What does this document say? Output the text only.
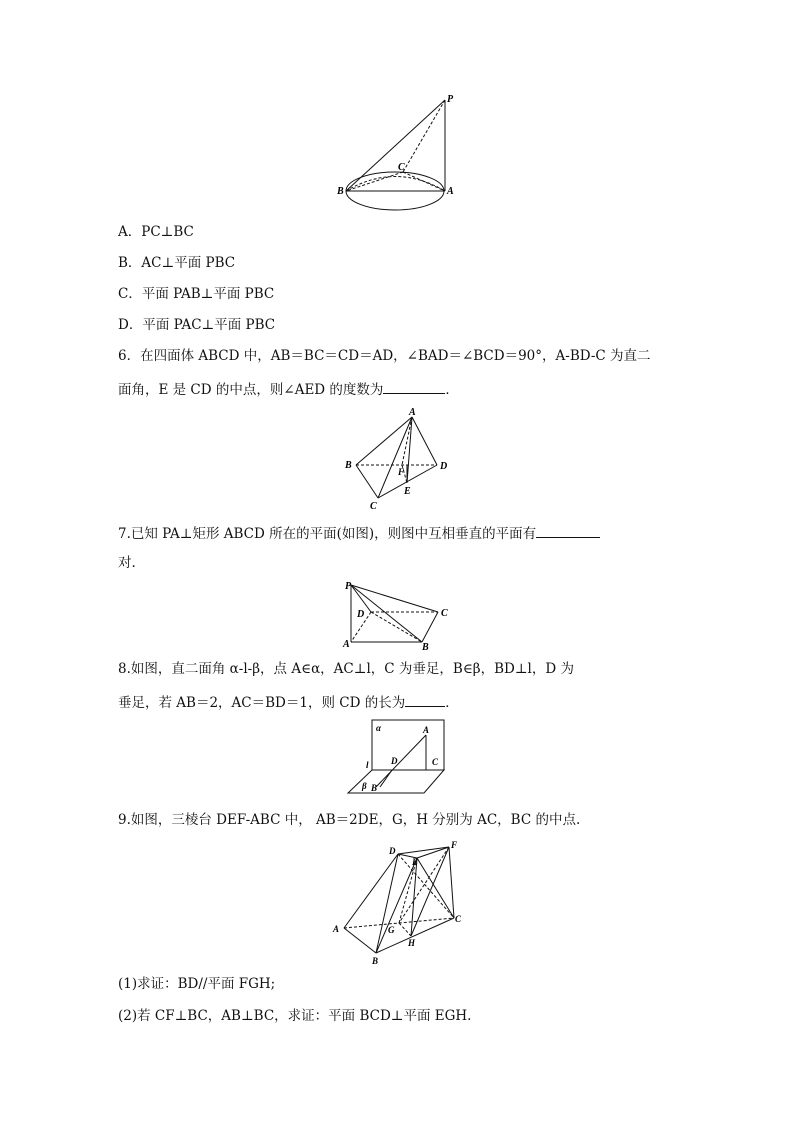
P
C
B	A
A．PC⊥BC
B．AC⊥平面 PBC
C．平面 PAB⊥平面 PBC
D．平面 PAC⊥平面 PBC
6．在四面体 ABCD 中，AB＝BC＝CD＝AD，∠BAD＝∠BCD＝90°，A-BD-C 为直二
面角，E 是 CD 的中点，则∠AED 的度数为	．
A
B
C
D
E
F
7.已知 PA⊥矩形 ABCD 所在的平面(如图)，则图中互相垂直的平面有
对.
P
D	C
A	B
8.如图，直二面角 α-l-β，点 A∈α，AC⊥l，C 为垂足，B∈β，BD⊥l，D 为
垂足，若 AB＝2，AC＝BD＝1，则 CD 的长为	．
α	A
D	C
l
β B
9.如图，三棱台 DEF-ABC 中， AB＝2DE，G，H 分别为 AC，BC 的中点.
D
E
F
A	G
C
H
B
(1)求证：BD//平面 FGH;
(2)若 CF⊥BC，AB⊥BC，求证：平面 BCD⊥平面 EGH.
